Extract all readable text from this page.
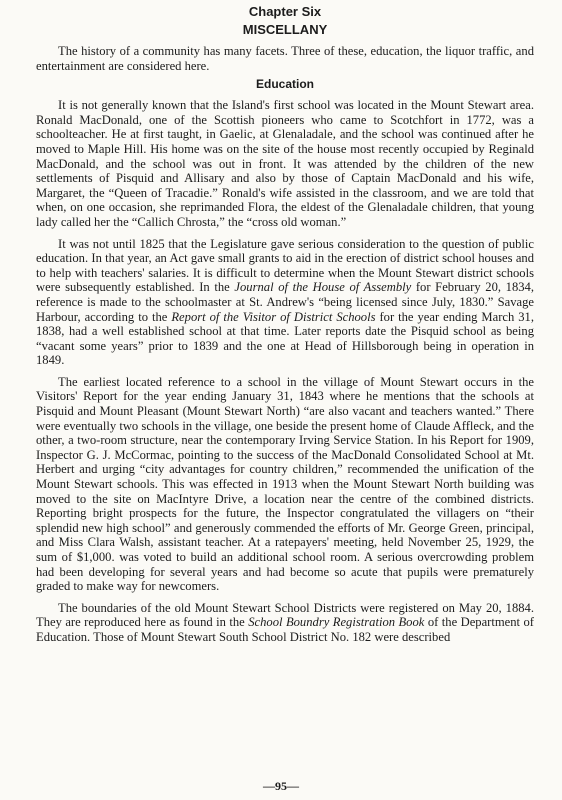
Chapter Six
MISCELLANY

The history of a community has many facets. Three of these, education, the liquor traffic, and entertainment are considered here.

Education

It is not generally known that the Island's first school was located in the Mount Stewart area. Ronald MacDonald, one of the Scottish pioneers who came to Scotchfort in 1772, was a schoolteacher. He at first taught, in Gaelic, at Glenaladale, and the school was continued after he moved to Maple Hill. His home was on the site of the house most recently occupied by Reginald MacDonald, and the school was out in front. It was attended by the children of the new settlements of Pisquid and Allisary and also by those of Captain MacDonald and his wife, Margaret, the “Queen of Tracadie.” Ronald's wife assisted in the classroom, and we are told that when, on one occasion, she reprimanded Flora, the eldest of the Glenaladale children, that young lady called her the “Callich Chrosta,” the “cross old woman.”

It was not until 1825 that the Legislature gave serious consideration to the question of public education. In that year, an Act gave small grants to aid in the erection of district school houses and to help with teachers' salaries. It is difficult to determine when the Mount Stewart district schools were subsequently established. In the Journal of the House of Assembly for February 20, 1834, reference is made to the schoolmaster at St. Andrew's “being licensed since July, 1830.” Savage Harbour, according to the Report of the Visitor of District Schools for the year ending March 31, 1838, had a well established school at that time. Later reports date the Pisquid school as being “vacant some years” prior to 1839 and the one at Head of Hillsborough being in operation in 1849.

The earliest located reference to a school in the village of Mount Stewart occurs in the Visitors' Report for the year ending January 31, 1843 where he mentions that the schools at Pisquid and Mount Pleasant (Mount Stewart North) “are also vacant and teachers wanted.” There were eventually two schools in the village, one beside the present home of Claude Affleck, and the other, a two-room structure, near the contemporary Irving Service Station. In his Report for 1909, Inspector G. J. McCormac, pointing to the success of the MacDonald Consolidated School at Mt. Herbert and urging “city advantages for country children,” recommended the unification of the Mount Stewart schools. This was effected in 1913 when the Mount Stewart North building was moved to the site on MacIntyre Drive, a location near the centre of the combined districts. Reporting bright prospects for the future, the Inspector congratulated the villagers on “their splendid new high school” and generously commended the efforts of Mr. George Green, principal, and Miss Clara Walsh, assistant teacher. At a ratepayers' meeting, held November 25, 1929, the sum of $1,000. was voted to build an additional school room. A serious overcrowding problem had been developing for several years and had become so acute that pupils were prematurely graded to make way for newcomers.

The boundaries of the old Mount Stewart School Districts were registered on May 20, 1884. They are reproduced here as found in the School Boundry Registration Book of the Department of Education. Those of Mount Stewart South School District No. 182 were described

—95—
